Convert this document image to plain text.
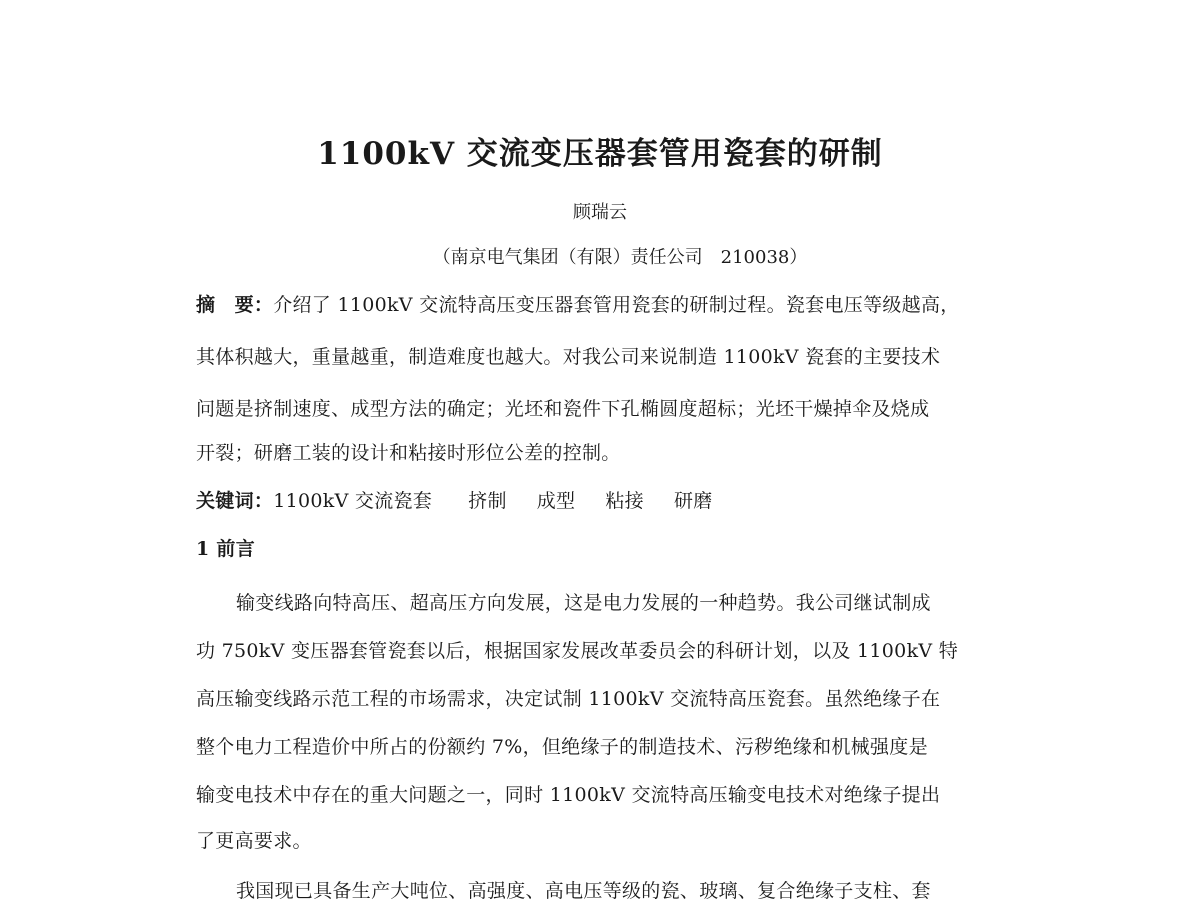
1100kV 交流变压器套管用瓷套的研制
顾瑞云
（南京电气集团（有限）责任公司　210038）
摘　要：介绍了 1100kV 交流特高压变压器套管用瓷套的研制过程。瓷套电压等级越高，
其体积越大，重量越重，制造难度也越大。对我公司来说制造 1100kV 瓷套的主要技术
问题是挤制速度、成型方法的确定；光坯和瓷件下孔椭圆度超标；光坯干燥掉伞及烧成
开裂；研磨工装的设计和粘接时形位公差的控制。
关键词：1100kV 交流瓷套 挤制 成型 粘接 研磨
1 前言
输变线路向特高压、超高压方向发展，这是电力发展的一种趋势。我公司继试制成
功 750kV 变压器套管瓷套以后，根据国家发展改革委员会的科研计划，以及 1100kV 特
高压输变线路示范工程的市场需求，决定试制 1100kV 交流特高压瓷套。虽然绝缘子在
整个电力工程造价中所占的份额约 7%，但绝缘子的制造技术、污秽绝缘和机械强度是
输变电技术中存在的重大问题之一，同时 1100kV 交流特高压输变电技术对绝缘子提出
了更高要求。
我国现已具备生产大吨位、高强度、高电压等级的瓷、玻璃、复合绝缘子支柱、套
